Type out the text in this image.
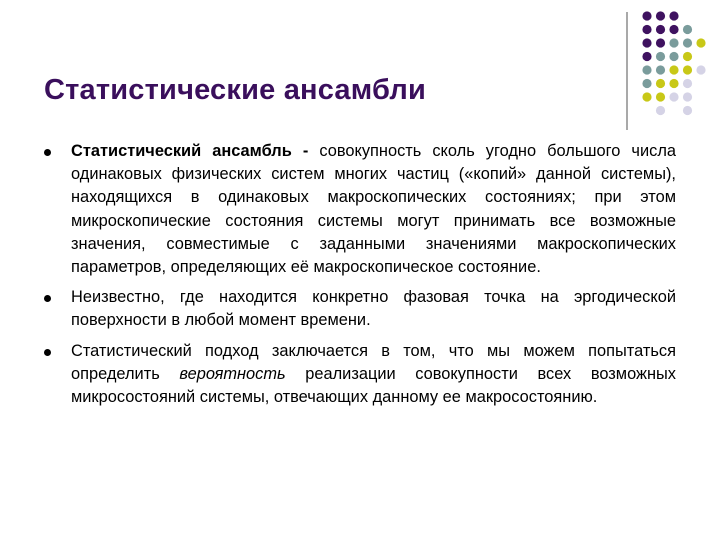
Статистические ансамбли
Статистический ансамбль - совокупность сколь угодно большого числа одинаковых физических систем многих частиц («копий» данной системы), находящихся в одинаковых макроскопических состояниях; при этом микроскопические состояния системы могут принимать все возможные значения, совместимые с заданными значениями макроскопических параметров, определяющих её макроскопическое состояние.
Неизвестно, где находится конкретно фазовая точка на эргодической поверхности в любой момент времени.
Статистический подход заключается в том, что мы можем попытаться определить вероятность реализации совокупности всех возможных микросостояний системы, отвечающих данному ее макросостоянию.
